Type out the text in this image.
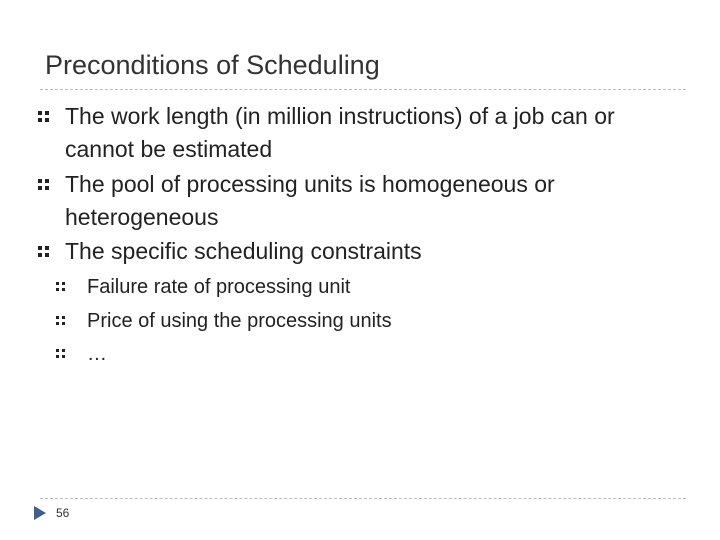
Preconditions of Scheduling
The work length (in million instructions) of a job can or cannot be estimated
The pool of processing units is homogeneous or heterogeneous
The specific scheduling constraints
Failure rate of processing unit
Price of using the processing units
…
56
